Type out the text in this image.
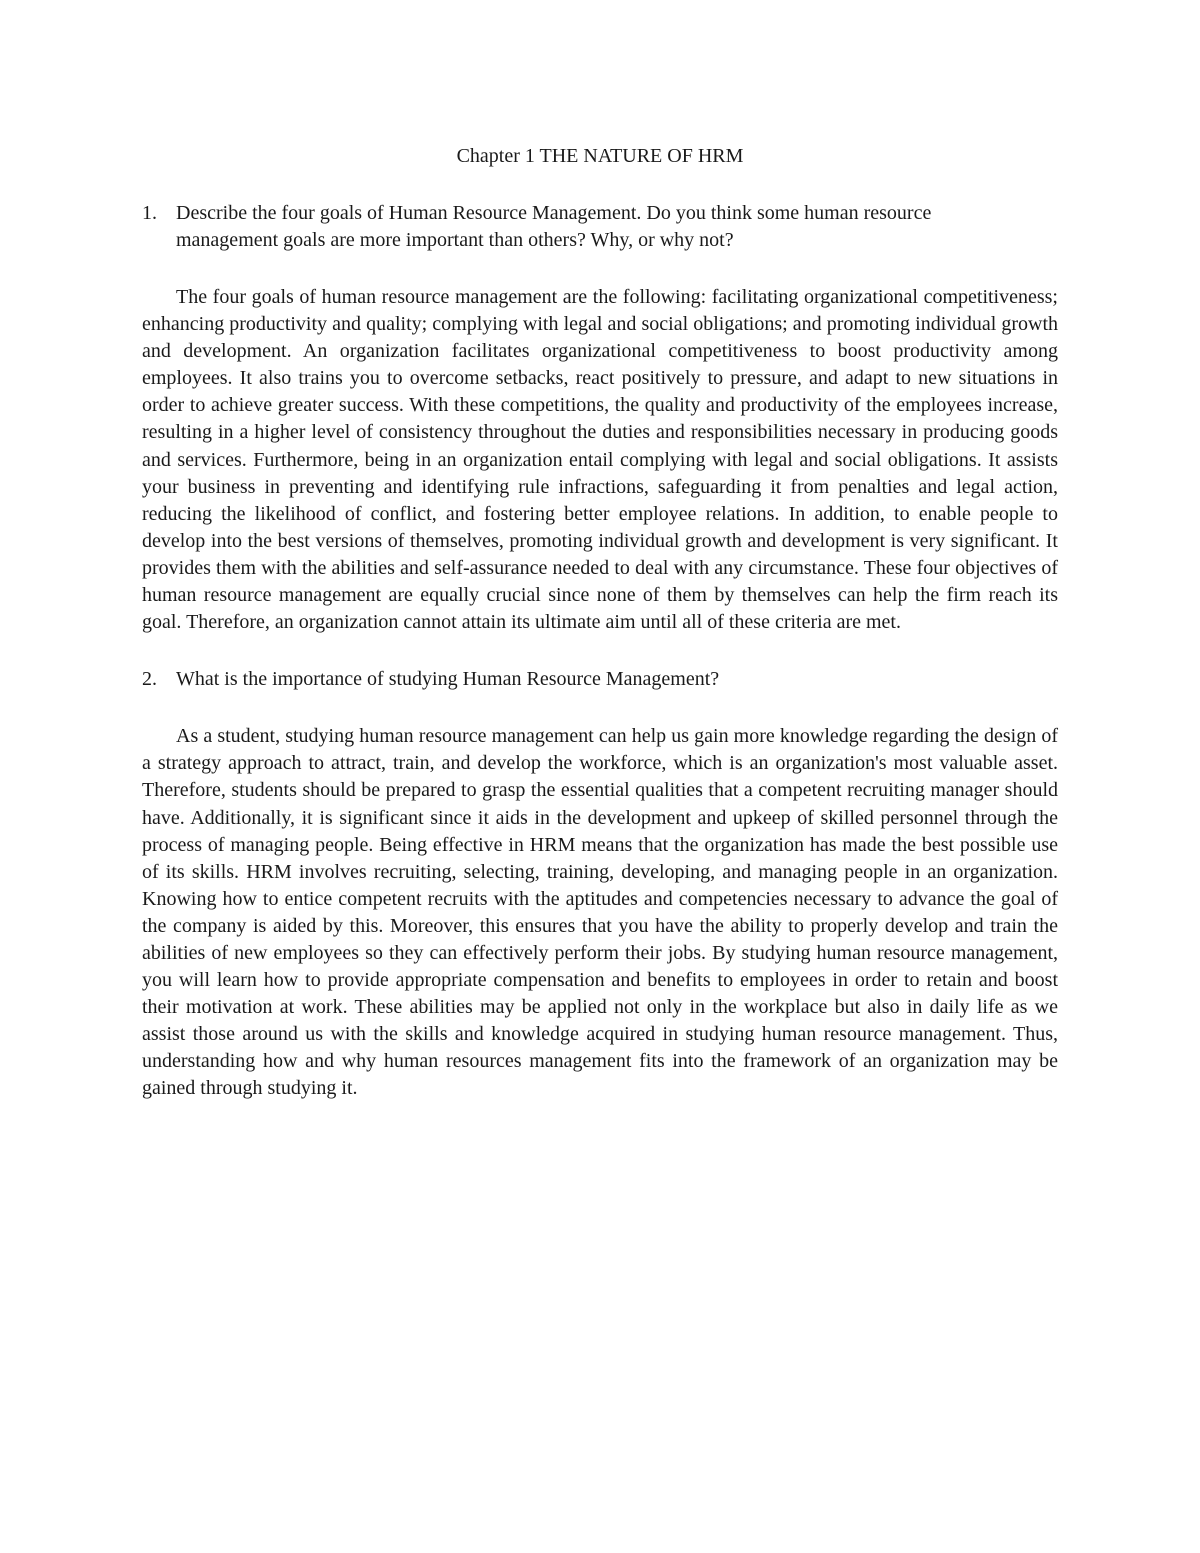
Chapter 1 THE NATURE OF HRM
1. Describe the four goals of Human Resource Management. Do you think some human resource management goals are more important than others? Why, or why not?

The four goals of human resource management are the following: facilitating organizational competitiveness; enhancing productivity and quality; complying with legal and social obligations; and promoting individual growth and development. An organization facilitates organizational competitiveness to boost productivity among employees. It also trains you to overcome setbacks, react positively to pressure, and adapt to new situations in order to achieve greater success. With these competitions, the quality and productivity of the employees increase, resulting in a higher level of consistency throughout the duties and responsibilities necessary in producing goods and services. Furthermore, being in an organization entail complying with legal and social obligations. It assists your business in preventing and identifying rule infractions, safeguarding it from penalties and legal action, reducing the likelihood of conflict, and fostering better employee relations. In addition, to enable people to develop into the best versions of themselves, promoting individual growth and development is very significant. It provides them with the abilities and self-assurance needed to deal with any circumstance. These four objectives of human resource management are equally crucial since none of them by themselves can help the firm reach its goal. Therefore, an organization cannot attain its ultimate aim until all of these criteria are met.

2. What is the importance of studying Human Resource Management?

As a student, studying human resource management can help us gain more knowledge regarding the design of a strategy approach to attract, train, and develop the workforce, which is an organization's most valuable asset. Therefore, students should be prepared to grasp the essential qualities that a competent recruiting manager should have. Additionally, it is significant since it aids in the development and upkeep of skilled personnel through the process of managing people. Being effective in HRM means that the organization has made the best possible use of its skills. HRM involves recruiting, selecting, training, developing, and managing people in an organization. Knowing how to entice competent recruits with the aptitudes and competencies necessary to advance the goal of the company is aided by this. Moreover, this ensures that you have the ability to properly develop and train the abilities of new employees so they can effectively perform their jobs. By studying human resource management, you will learn how to provide appropriate compensation and benefits to employees in order to retain and boost their motivation at work. These abilities may be applied not only in the workplace but also in daily life as we assist those around us with the skills and knowledge acquired in studying human resource management. Thus, understanding how and why human resources management fits into the framework of an organization may be gained through studying it.
